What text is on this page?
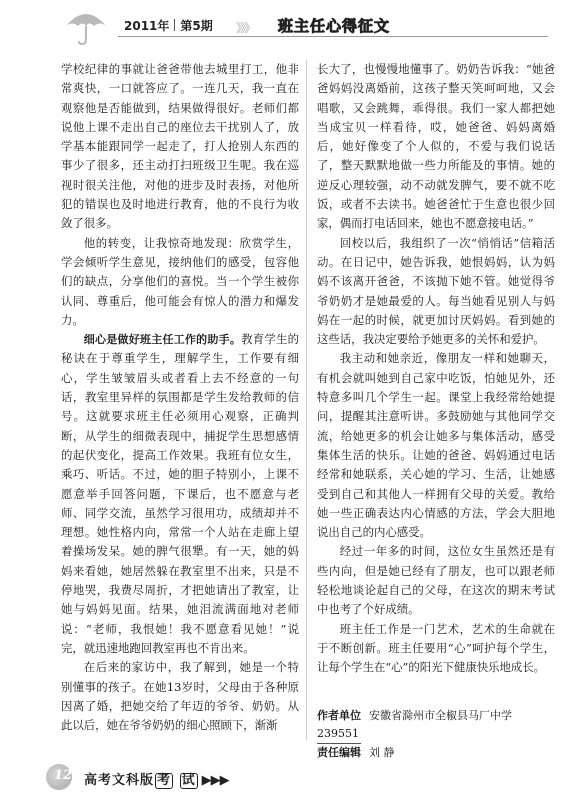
2011年 第5期 》》》 班主任心得征文

学校纪律的事就让爸爸带他去城里打工，他非常爽快，一口就答应了。一连几天，我一直在观察他是否能做到，结果做得很好。老师们都说他上课不走出自己的座位去干扰别人了，放学基本能跟同学一起走了，打人抢别人东西的事少了很多，还主动打扫班级卫生呢。我在巡视时很关注他，对他的进步及时表扬，对他所犯的错误也及时地进行教育，他的不良行为收敛了很多。

他的转变，让我惊奇地发现：欣赏学生，学会倾听学生意见，接纳他们的感受，包容他们的缺点，分享他们的喜悦。当一个学生被你认同、尊重后，他可能会有惊人的潜力和爆发力。

细心是做好班主任工作的助手。教育学生的秘诀在于尊重学生，理解学生，工作要有细心，学生皱皱眉头或者看上去不经意的一句话，教室里异样的氛围都是学生发给教师的信号。这就要求班主任必须用心观察，正确判断，从学生的细微表现中，捕捉学生思想感情的起伏变化，提高工作效果。我班有位女生，乘巧、听话。不过，她的胆子特别小，上课不愿意举手回答问题，下课后，也不愿意与老师、同学交流，虽然学习很用功，成绩却并不理想。她性格内向，常常一个人站在走廊上望着操场发呆。她的脾气很犟。有一天，她的妈妈来看她，她居然躲在教室里不出来，只是不停地哭，我费尽周折，才把她请出了教室，让她与妈妈见面。结果，她泪流满面地对老师说：“老师，我恨她！我不愿意看见她！”说完，就迅速地跑回教室再也不肯出来。

在后来的家访中，我了解到，她是一个特别懂事的孩子。在她13岁时，父母由于各种原因离了婚，把她交给了年迈的爷爷、奶奶。从此以后，她在爷爷奶奶的细心照顾下，渐渐

长大了，也慢慢地懂事了。奶奶告诉我：“她爸爸妈妈没离婚前，这孩子整天笑呵呵地，又会唱歌，又会跳舞，乖得很。我们一家人都把她当成宝贝一样看待，哎，她爸爸、妈妈离婚后，她好像变了个人似的，不爱与我们说话了，整天默默地做一些力所能及的事情。她的逆反心理较强，动不动就发脾气，要不就不吃饭，或者不去读书。她爸爸忙于生意也很少回家，偶而打电话回来，她也不愿意接电话。”

回校以后，我组织了一次“悄悄话”信箱活动。在日记中，她告诉我，她恨妈妈，认为妈妈不该离开爸爸，不该抛下她不管。她觉得爷爷奶奶才是她最爱的人。每当她看见别人与妈妈在一起的时候，就更加讨厌妈妈。看到她的这些话，我决定要给予她更多的关怀和爱护。

我主动和她亲近，像朋友一样和她聊天，有机会就叫她到自己家中吃饭，怕她见外，还特意多叫几个学生一起。课堂上我经常给她提问，提醒其注意听讲。多鼓励她与其他同学交流，给她更多的机会让她多与集体活动，感受集体生活的快乐。让她的爸爸、妈妈通过电话经常和她联系，关心她的学习、生活，让她感受到自己和其他人一样拥有父母的关爱。教给她一些正确表达内心情感的方法，学会大胆地说出自己的内心感受。

经过一年多的时间，这位女生虽然还是有些内向，但是她已经有了朋友，也可以跟老师轻松地谈论起自己的父母，在这次的期末考试中也考了个好成绩。

班主任工作是一门艺术，艺术的生命就在于不断创新。班主任要用“心”呵护每个学生，让每个学生在“心”的阳光下健康快乐地成长。

作者单位 安徽省滁州市全椒县马厂中学 239551
责任编辑 刘 静
12 高考文科版 考 试 ▶▶▶
